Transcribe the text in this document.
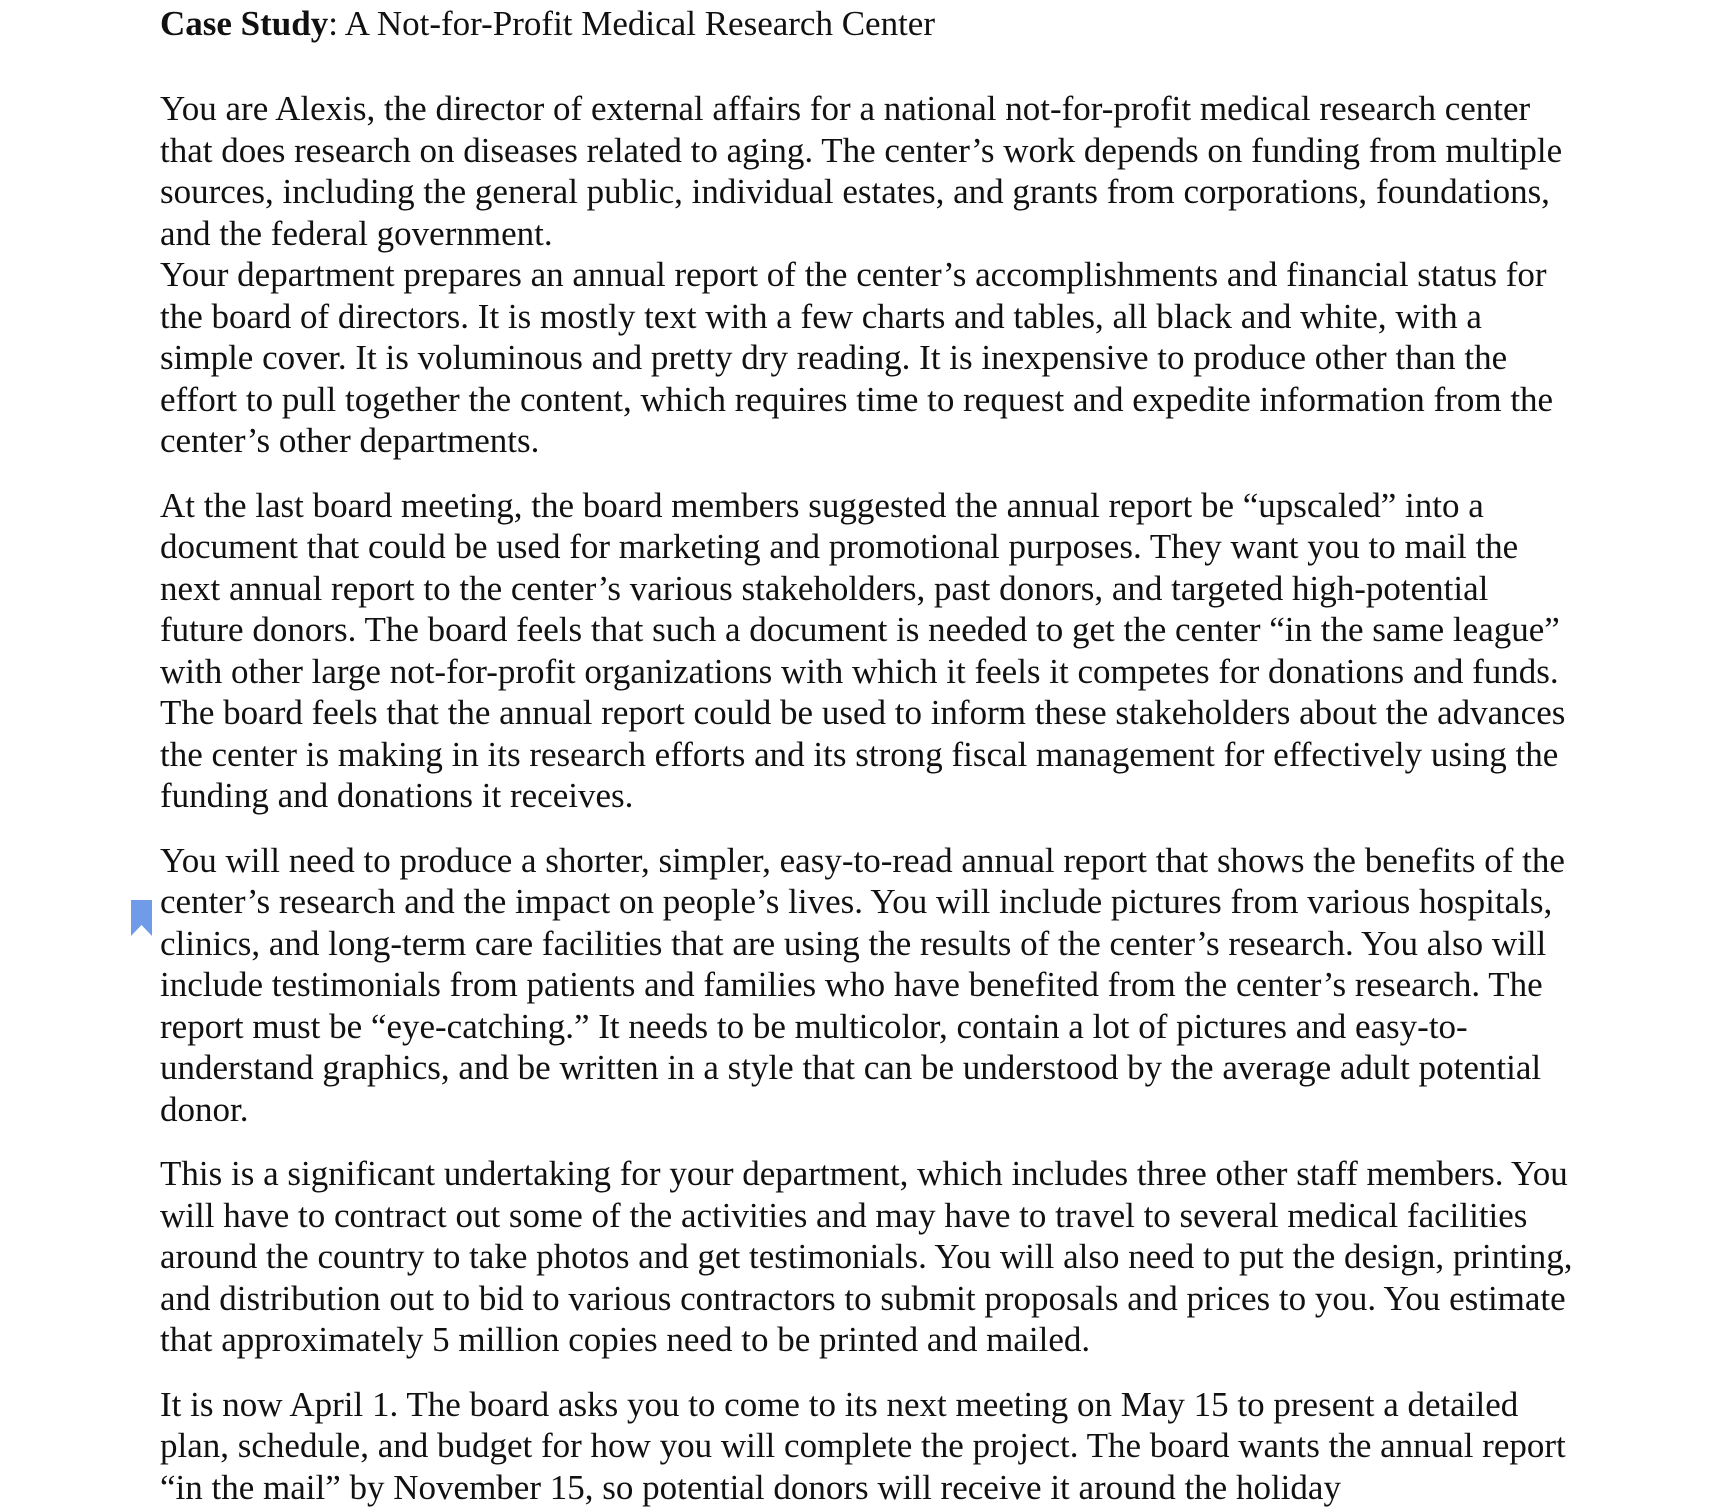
Case Study: A Not-for-Profit Medical Research Center

You are Alexis, the director of external affairs for a national not-for-profit medical research center that does research on diseases related to aging. The center’s work depends on funding from multiple sources, including the general public, individual estates, and grants from corporations, foundations, and the federal government.

Your department prepares an annual report of the center’s accomplishments and financial status for the board of directors. It is mostly text with a few charts and tables, all black and white, with a simple cover. It is voluminous and pretty dry reading. It is inexpensive to produce other than the effort to pull together the content, which requires time to request and expedite information from the center’s other departments.

At the last board meeting, the board members suggested the annual report be “upscaled” into a document that could be used for marketing and promotional purposes. They want you to mail the next annual report to the center’s various stakeholders, past donors, and targeted high-potential future donors. The board feels that such a document is needed to get the center “in the same league” with other large not-for-profit organizations with which it feels it competes for donations and funds. The board feels that the annual report could be used to inform these stakeholders about the advances the center is making in its research efforts and its strong fiscal management for effectively using the funding and donations it receives.

You will need to produce a shorter, simpler, easy-to-read annual report that shows the benefits of the center’s research and the impact on people’s lives. You will include pictures from various hospitals, clinics, and long-term care facilities that are using the results of the center’s research. You also will include testimonials from patients and families who have benefited from the center’s research. The report must be “eye-catching.” It needs to be multicolor, contain a lot of pictures and easy-to-understand graphics, and be written in a style that can be understood by the average adult potential donor.

This is a significant undertaking for your department, which includes three other staff members. You will have to contract out some of the activities and may have to travel to several medical facilities around the country to take photos and get testimonials. You will also need to put the design, printing, and distribution out to bid to various contractors to submit proposals and prices to you. You estimate that approximately 5 million copies need to be printed and mailed.

It is now April 1. The board asks you to come to its next meeting on May 15 to present a detailed plan, schedule, and budget for how you will complete the project. The board wants the annual report “in the mail” by November 15, so potential donors will receive it around the holiday
